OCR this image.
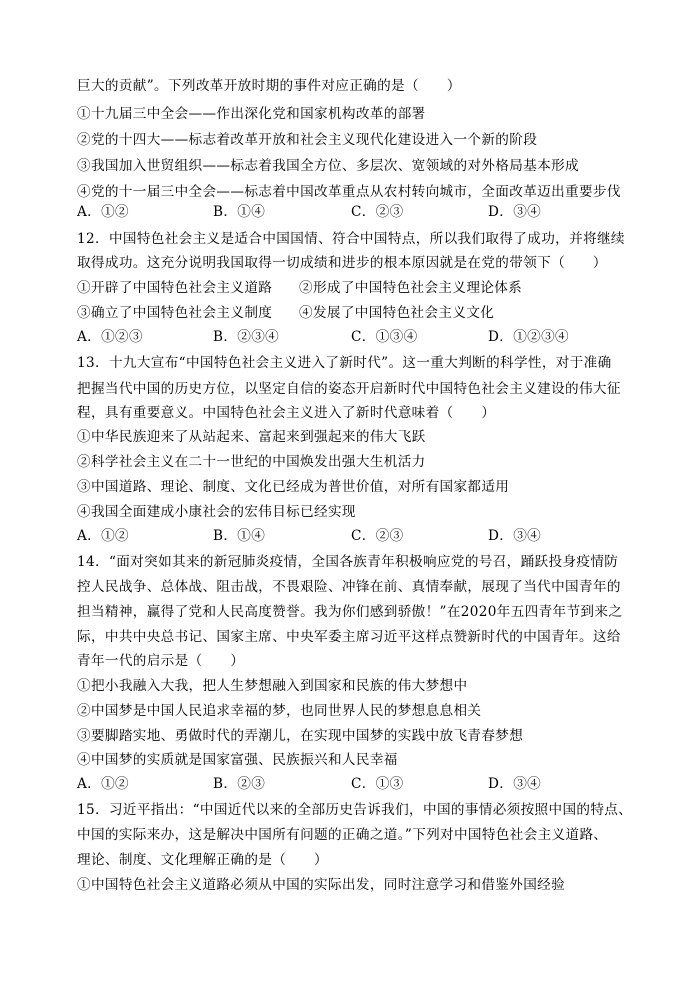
巨大的贡献”。下列改革开放时期的事件对应正确的是（　　）
①十九届三中全会——作出深化党和国家机构改革的部署
②党的十四大——标志着改革开放和社会主义现代化建设进入一个新的阶段
③我国加入世贸组织——标志着我国全方位、多层次、宽领域的对外格局基本形成
④党的十一届三中全会——标志着中国改革重点从农村转向城市，全面改革迈出重要步伐
A．①②	B．①④	C．②③	D．③④
12．中国特色社会主义是适合中国国情、符合中国特点，所以我们取得了成功，并将继续
取得成功。这充分说明我国取得一切成绩和进步的根本原因就是在党的带领下（　　）
①开辟了中国特色社会主义道路 ②形成了中国特色社会主义理论体系
③确立了中国特色社会主义制度 ④发展了中国特色社会主义文化
A．①②③	B．②③④	C．①③④	D．①②③④
13．十九大宣布“中国特色社会主义进入了新时代”。这一重大判断的科学性，对于准确
把握当代中国的历史方位，以坚定自信的姿态开启新时代中国特色社会主义建设的伟大征
程，具有重要意义。中国特色社会主义进入了新时代意味着（　　）
①中华民族迎来了从站起来、富起来到强起来的伟大飞跃
②科学社会主义在二十一世纪的中国焕发出强大生机活力
③中国道路、理论、制度、文化已经成为普世价值，对所有国家都适用
④我国全面建成小康社会的宏伟目标已经实现
A．①②	B．①④	C．②③	D．③④
14．“面对突如其来的新冠肺炎疫情，全国各族青年积极响应党的号召，踊跃投身疫情防
控人民战争、总体战、阻击战，不畏艰险、冲锋在前、真情奉献，展现了当代中国青年的
担当精神，赢得了党和人民高度赞誉。我为你们感到骄傲！”在2020年五四青年节到来之
际，中共中央总书记、国家主席、中央军委主席习近平这样点赞新时代的中国青年。这给
青年一代的启示是（　　）
①把小我融入大我，把人生梦想融入到国家和民族的伟大梦想中
②中国梦是中国人民追求幸福的梦，也同世界人民的梦想息息相关
③要脚踏实地、勇做时代的弄潮儿，在实现中国梦的实践中放飞青春梦想
④中国梦的实质就是国家富强、民族振兴和人民幸福
A．①②	B．②③	C．①③	D．③④
15．习近平指出：“中国近代以来的全部历史告诉我们，中国的事情必须按照中国的特点、
中国的实际来办，这是解决中国所有问题的正确之道。”下列对中国特色社会主义道路、
理论、制度、文化理解正确的是（　　）
①中国特色社会主义道路必须从中国的实际出发，同时注意学习和借鉴外国经验
